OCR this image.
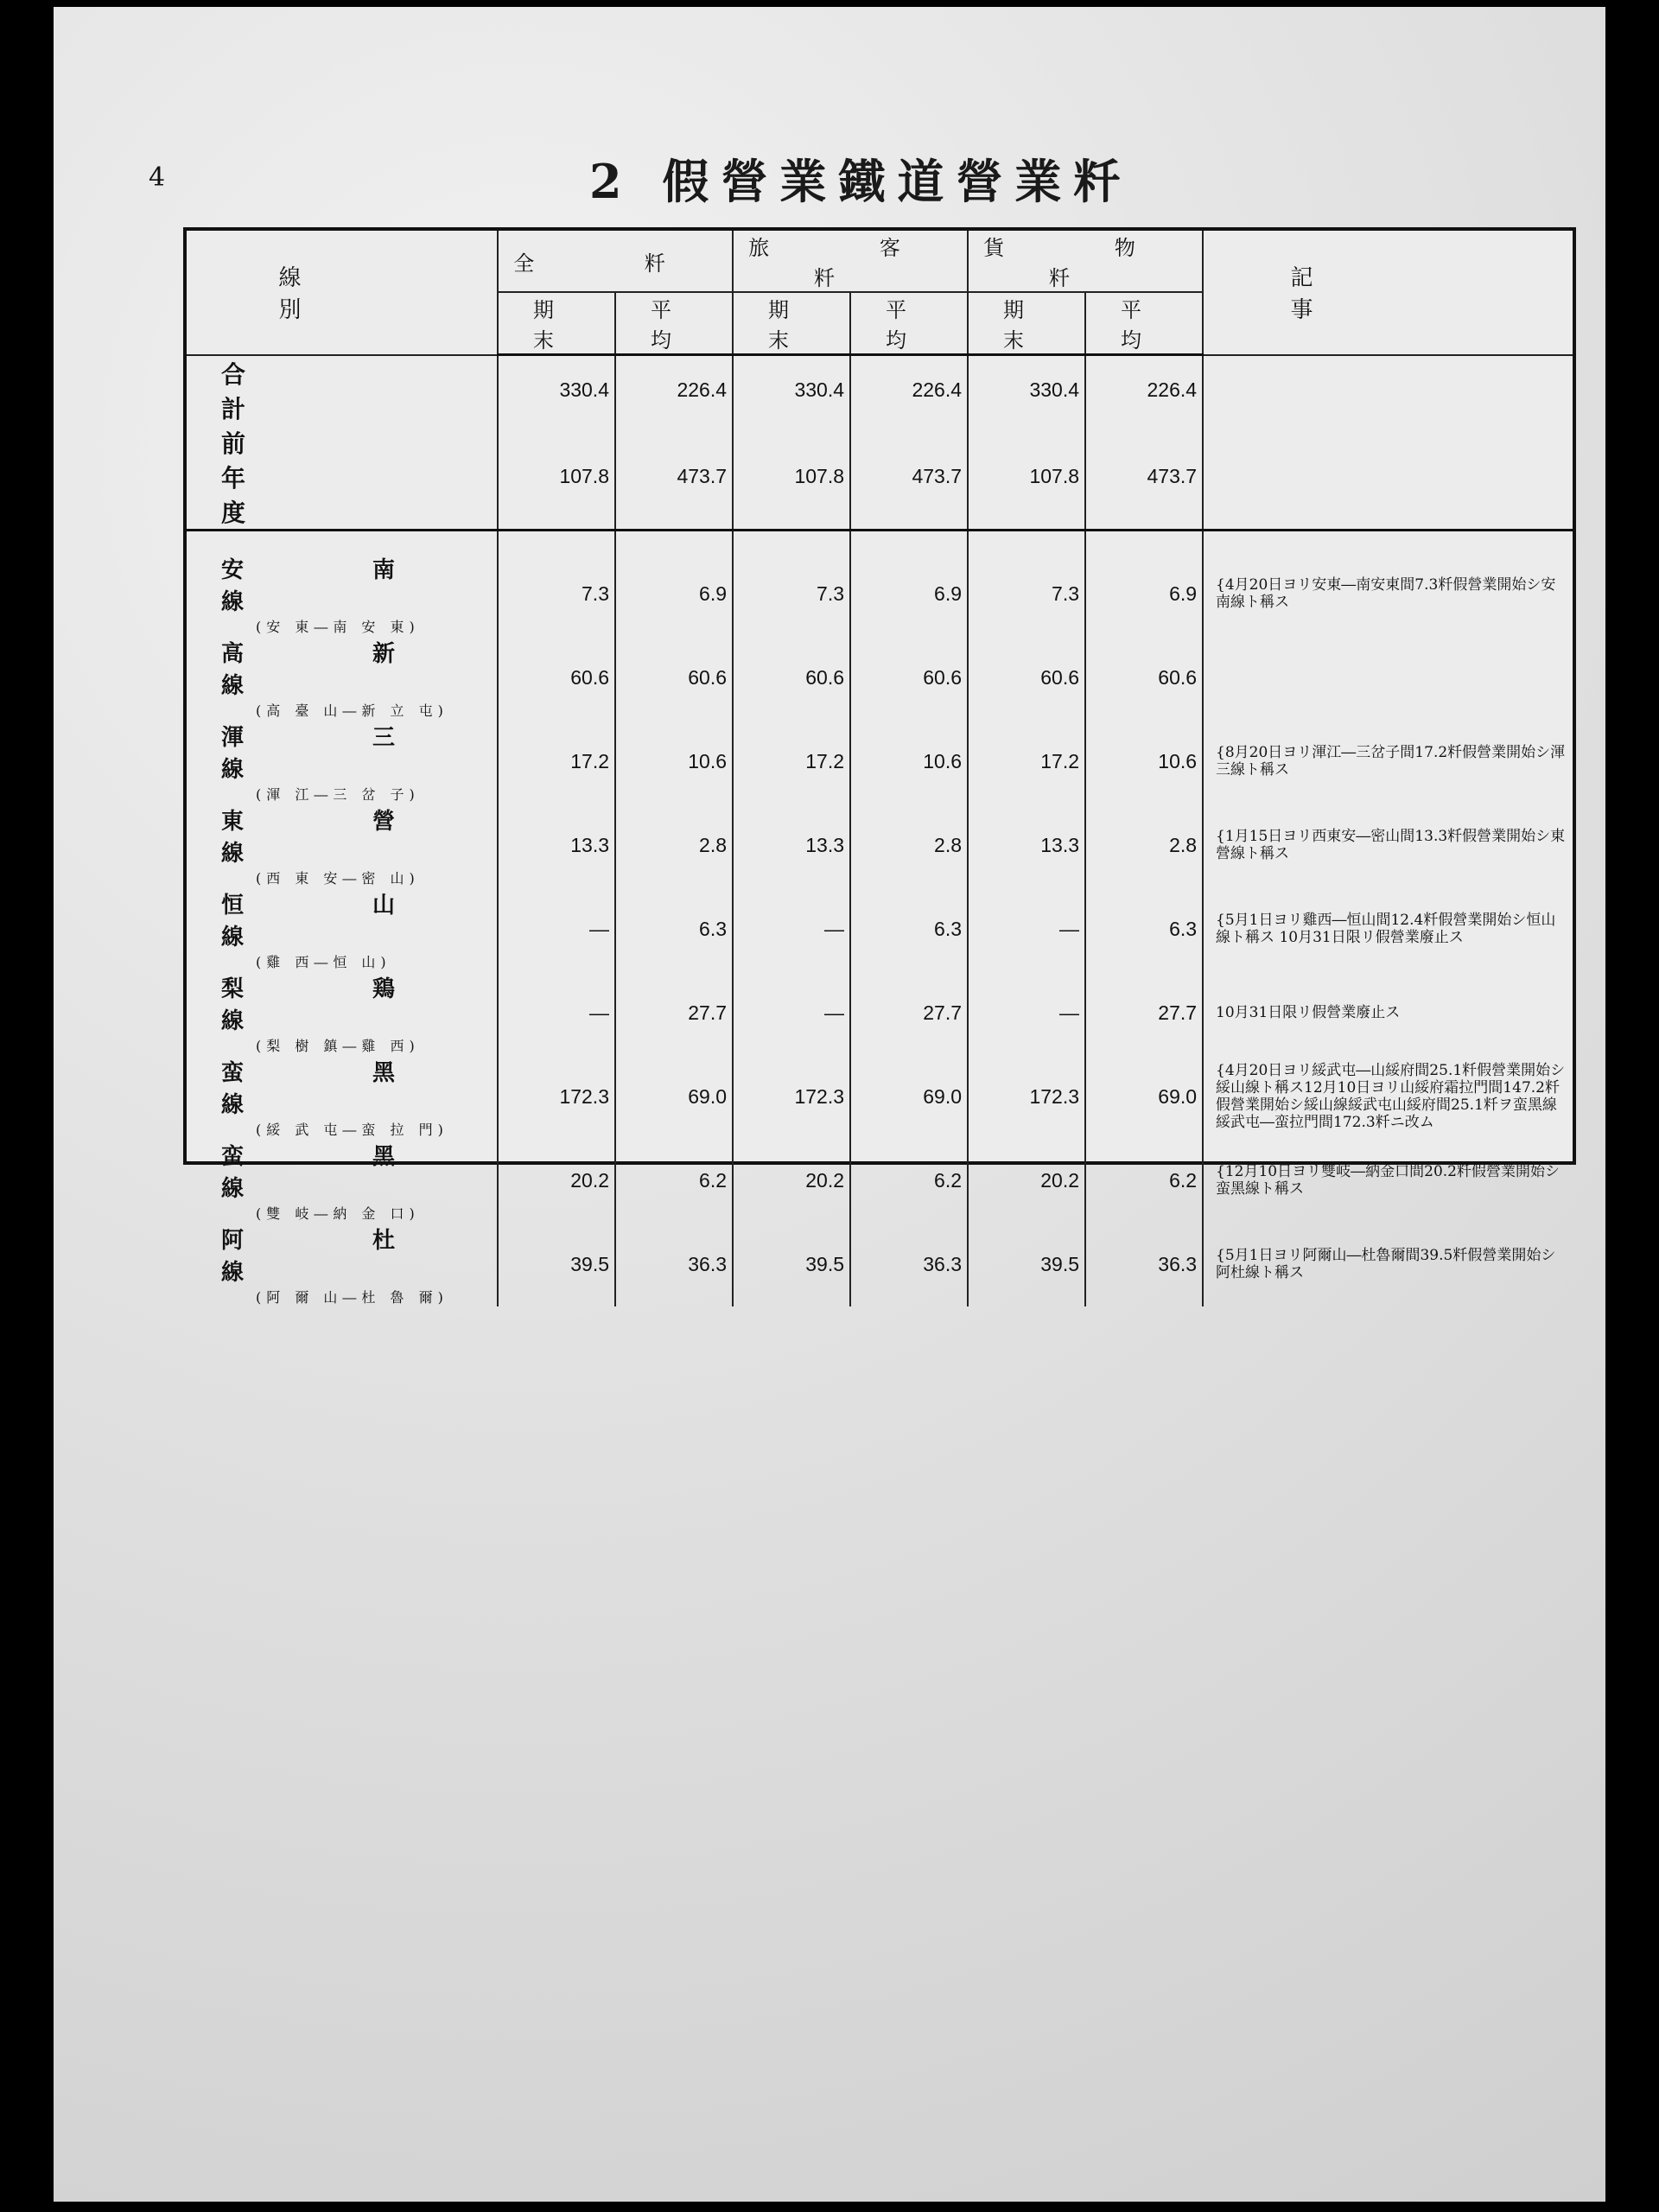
4	2 假營業鐵道營業粁
線 別	全 粁		旅 客 粁		貨 物 粁		記 事
	期 末	平 均	期 末	平 均	期 末	平 均	
合 計	330.4	226.4	330.4	226.4	330.4	226.4	
前 年 度	107.8	473.7	107.8	473.7	107.8	473.7	

安 南 線
(安 東―南 安 東)	7.3	6.9	7.3	6.9	7.3	6.9	{4月20日ヨリ安東―南安東間7.3粁假營業開始シ安南線ト稱ス

高 新 線
(高 臺 山―新 立 屯)	60.6	60.6	60.6	60.6	60.6	60.6	

渾 三 線
(渾 江―三 岔 子)	17.2	10.6	17.2	10.6	17.2	10.6	{8月20日ヨリ渾江―三岔子間17.2粁假營業開始シ渾三線ト稱ス

東 營 線
(西 東 安―密 山)	13.3	2.8	13.3	2.8	13.3	2.8	{1月15日ヨリ西東安―密山間13.3粁假營業開始シ東營線ト稱ス

恒 山 線
(雞 西―恒 山)	—	6.3	—	6.3	—	6.3	{5月1日ヨリ雞西―恒山間12.4粁假營業開始シ恒山線ト稱ス 10月31日限リ假營業廢止ス

梨 鶏 線
(梨 樹 鎮―雞 西)	—	27.7	—	27.7	—	27.7	10月31日限リ假營業廢止ス

蛮 黑 線
(綏 武 屯―蛮 拉 門)	172.3	69.0	172.3	69.0	172.3	69.0	{4月20日ヨリ綏武屯―山綏府間25.1粁假營業開始シ綏山線ト稱ス12月10日ヨリ山綏府霜拉門間147.2粁假營業開始シ綏山線綏武屯山綏府間25.1粁ヲ蛮黑線綏武屯―蛮拉門間172.3粁ニ改ム

蛮 黑 線
(雙 岐―納 金 口)	20.2	6.2	20.2	6.2	20.2	6.2	{12月10日ヨリ雙岐―納金口間20.2粁假營業開始シ蛮黑線ト稱ス

阿 杜 線
(阿 爾 山―杜 魯 爾)	39.5	36.3	39.5	36.3	39.5	36.3	{5月1日ヨリ阿爾山―杜魯爾間39.5粁假營業開始シ阿杜線ト稱ス
